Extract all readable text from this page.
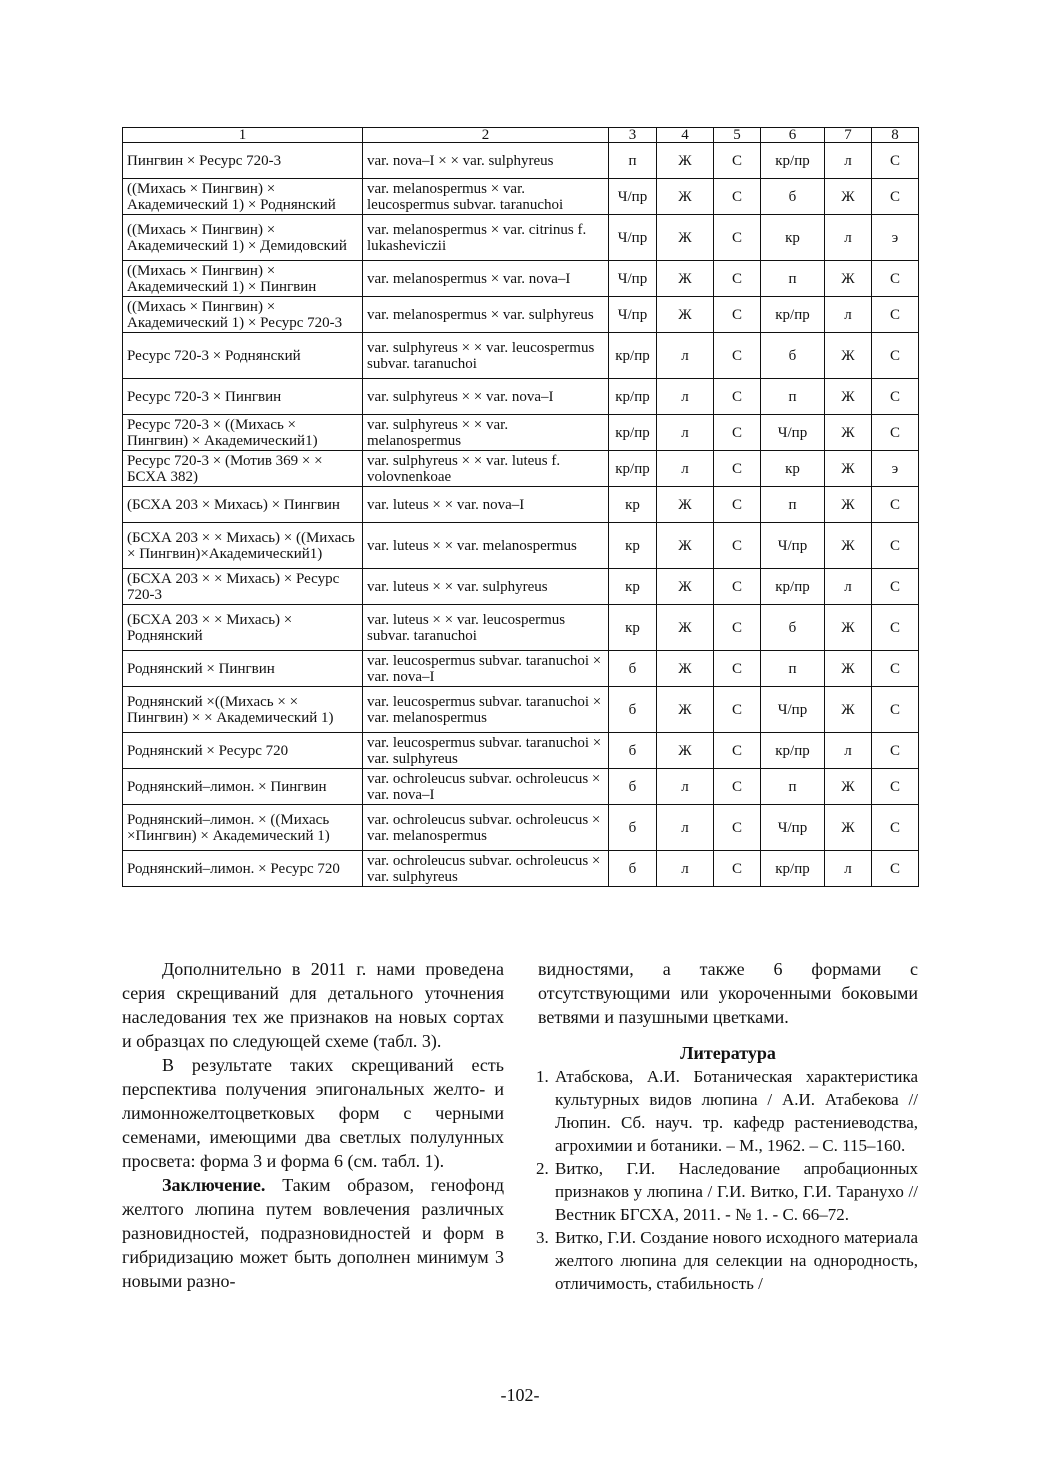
1	2	3	4	5	6	7	8
Пингвин × Ресурс 720-3	var. nova–I × × var. sulphyreus	п	Ж	С	кр/пр	л	С
((Михась × Пингвин) × Академический 1) × Роднянский	var. melanospermus × var. leucospermus subvar. taranuchoi	Ч/пр	Ж	С	б	Ж	С
((Михась × Пингвин) × Академический 1) × Демидовский	var. melanospermus × var. citrinus f. lukasheviczii	Ч/пр	Ж	С	кр	л	э
((Михась × Пингвин) × Академический 1) × Пингвин	var. melanospermus × var. nova–I	Ч/пр	Ж	С	п	Ж	С
((Михась × Пингвин) × Академический 1) × Ресурс 720-3	var. melanospermus × var. sulphyreus	Ч/пр	Ж	С	кр/пр	л	С
Ресурс 720-3 × Роднянский	var. sulphyreus × × var. leucospermus subvar. taranuchoi	кр/пр	л	С	б	Ж	С
Ресурс 720-3 × Пингвин	var. sulphyreus × × var. nova–I	кр/пр	л	С	п	Ж	С
Ресурс 720-3 × ((Михась × Пингвин) × Академический1)	var. sulphyreus × × var. melanospermus	кр/пр	л	С	Ч/пр	Ж	С
Ресурс 720-3 × (Мотив 369 × × БСХА 382)	var. sulphyreus × × var. luteus f. volovnenkoae	кр/пр	л	С	кр	Ж	э
(БСХА 203 × Михась) × Пингвин	var. luteus × × var. nova–I	кр	Ж	С	п	Ж	С
(БСХА 203 × × Михась) × ((Михась × Пингвин)×Академический1)	var. luteus × × var. melanospermus	кр	Ж	С	Ч/пр	Ж	С
(БСХА 203 × × Михась) × Ресурс 720-3	var. luteus × × var. sulphyreus	кр	Ж	С	кр/пр	л	С
(БСХА 203 × × Михась) × Роднянский	var. luteus × × var. leucospermus subvar. taranuchoi	кр	Ж	С	б	Ж	С
Роднянский × Пингвин	var. leucospermus subvar. taranuchoi × var. nova–I	б	Ж	С	п	Ж	С
Роднянский ×((Михась × × Пингвин) × × Академический 1)	var. leucospermus subvar. taranuchoi × var. melanospermus	б	Ж	С	Ч/пр	Ж	С
Роднянский × Ресурс 720	var. leucospermus subvar. taranuchoi × var. sulphyreus	б	Ж	С	кр/пр	л	С
Роднянский–лимон. × Пингвин	var. ochroleucus subvar. ochroleucus × var. nova–I	б	л	С	п	Ж	С
Роднянский–лимон. × ((Михась ×Пингвин) × Академический 1)	var. ochroleucus subvar. ochroleucus × var. melanospermus	б	л	С	Ч/пр	Ж	С
Роднянский–лимон. × Ресурс 720	var. ochroleucus subvar. ochroleucus × var. sulphyreus	б	л	С	кр/пр	л	С

Дополнительно в 2011 г. нами проведена серия скрещиваний для детального уточнения наследования тех же признаков на новых сортах и образцах по следующей схеме (табл. 3).

В результате таких скрещиваний есть перспектива получения эпигональных желто- и лимонножелтоцветковых форм с черными семенами, имеющими два светлых полулунных просвета: форма 3 и форма 6 (см. табл. 1).

Заключение. Таким образом, генофонд желтого люпина путем вовлечения различных разновидностей, подразновидностей и форм в гибридизацию может быть дополнен минимум 3 новыми разно-

видностями, а также 6 формами с отсутствующими или укороченными боковыми ветвями и пазушными цветками.

Литература
1. Атабскова, А.И. Ботаническая характеристика культурных видов люпина / А.И. Атабекова // Люпин. Сб. науч. тр. кафедр растениеводства, агрохимии и ботаники. – М., 1962. – С. 115–160.
2. Витко, Г.И. Наследование апробационных признаков у люпина / Г.И. Витко, Г.И. Таранухо // Вестник БГСХА, 2011. - № 1. - С. 66–72.
3. Витко, Г.И. Создание нового исходного материала желтого люпина для селекции на однородность, отличимость, стабильность /
-102-
